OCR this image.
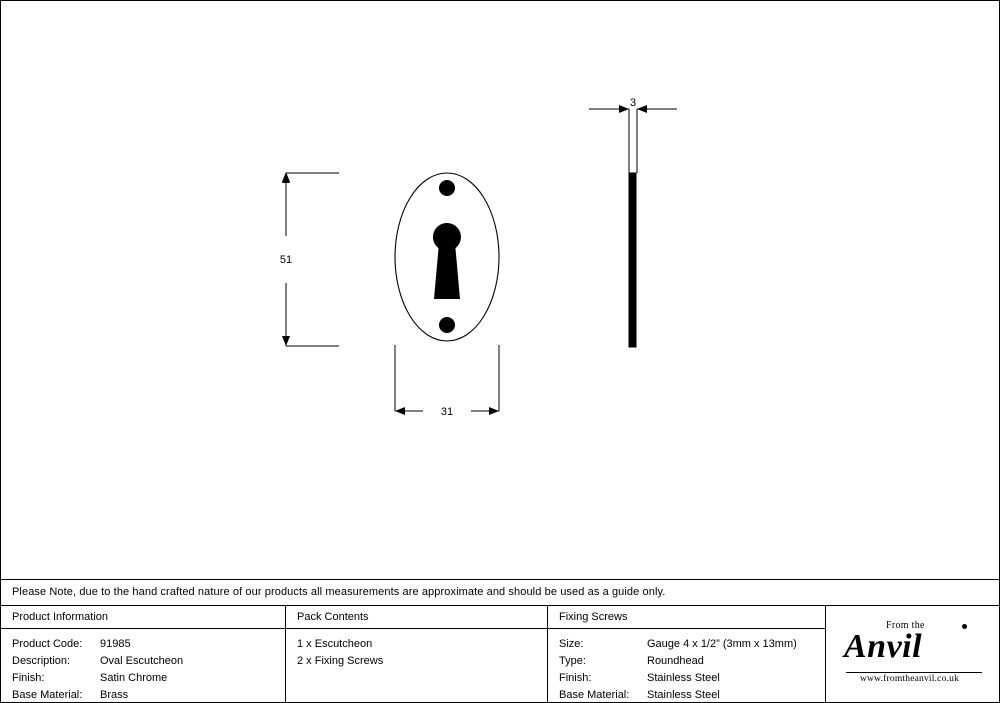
51
31
3
Please Note, due to the hand crafted nature of our products all measurements are approximate and should be used as a guide only.
Product Information
Product Code:	91985
Description:	Oval Escutcheon
Finish:	Satin Chrome
Base Material:	Brass
Pack Contents
1 x Escutcheon
2 x Fixing Screws
Fixing Screws
Size:	Gauge 4 x 1/2” (3mm x 13mm)
Type:	Roundhead
Finish:	Stainless Steel
Base Material:	Stainless Steel
From the
Anvil
www.fromtheanvil.co.uk
